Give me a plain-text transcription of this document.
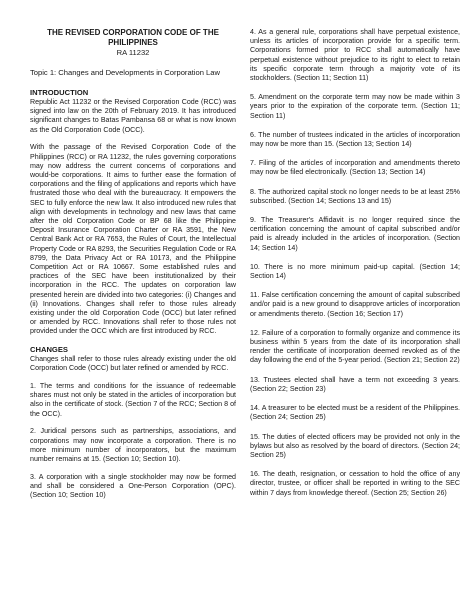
THE REVISED CORPORATION CODE OF THE PHILIPPINES

RA 11232

Topic 1: Changes and Developments in Corporation Law
INTRODUCTION

Republic Act 11232 or the Revised Corporation Code (RCC) was signed into law on the 20th of February 2019. It has introduced significant changes to Batas Pambansa 68 or what is now known as the Old Corporation Code (OCC).

With the passage of the Revised Corporation Code of the Philippines (RCC) or RA 11232, the rules governing corporations may now address the current concerns of corporations and would-be corporations. It aims to further ease the formation of corporations and the filing of applications and reports which have frustrated those who deal with the bureaucracy. It empowers the SEC to fully enforce the new law. It also introduced new rules that align with developments in technology and new laws that came after the old Corporation Code or BP 68 like the Philippine Deposit Insurance Corporation Charter or RA 3591, the New Central Bank Act or RA 7653, the Rules of Court, the Intellectual Property Code or RA 8293, the Securities Regulation Code or RA 8799, the Data Privacy Act or RA 10173, and the Philippine Competition Act or RA 10667. Some established rules and practices of the SEC have been institutionalized by their incorporation in the RCC. The updates on corporation law presented herein are divided into two categories: (i) Changes and (ii) Innovations. Changes shall refer to those rules already existing under the old Corporation Code (OCC) but later refined or amended by RCC. Innovations shall refer to those rules not provided under the OCC which are first introduced by RCC.

CHANGES

Changes shall refer to those rules already existing under the old Corporation Code (OCC) but later refined or amended by RCC.

1. The terms and conditions for the issuance of redeemable shares must not only be stated in the articles of incorporation but also in the certificate of stock. (Section 7 of the RCC; Section 8 of the OCC).

2. Juridical persons such as partnerships, associations, and corporations may now incorporate a corporation. There is no more minimum number of incorporators, but the maximum number remains at 15. (Section 10; Section 10).

3. A corporation with a single stockholder may now be formed and shall be considered a One-Person Corporation (OPC). (Section 10; Section 10)

4. As a general rule, corporations shall have perpetual existence, unless its articles of incorporation provide for a specific term. Corporations formed prior to RCC shall automatically have perpetual existence without prejudice to its right to elect to retain its specific corporate term through a majority vote of its stockholders. (Section 11; Section 11)

5. Amendment on the corporate term may now be made within 3 years prior to the expiration of the corporate term. (Section 11; Section 11)

6. The number of trustees indicated in the articles of incorporation may now be more than 15. (Section 13; Section 14)

7. Filing of the articles of incorporation and amendments thereto may now be filed electronically. (Section 13; Section 14)

8. The authorized capital stock no longer needs to be at least 25% subscribed. (Section 14; Sections 13 and 15)

9. The Treasurer's Affidavit is no longer required since the certification concerning the amount of capital subscribed and/or paid is already included in the articles of incorporation. (Section 14; Section 14)

10. There is no more minimum paid-up capital. (Section 14; Section 14)

11. False certification concerning the amount of capital subscribed and/or paid is a new ground to disapprove articles of incorporation or amendments thereto. (Section 16; Section 17)

12. Failure of a corporation to formally organize and commence its business within 5 years from the date of its incorporation shall render the certificate of incorporation deemed revoked as of the day following the end of the 5-year period. (Section 21; Section 22)

13. Trustees elected shall have a term not exceeding 3 years. (Section 22; Section 23)

14. A treasurer to be elected must be a resident of the Philippines. (Section 24; Section 25)

15. The duties of elected officers may be provided not only in the bylaws but also as resolved by the board of directors. (Section 24; Section 25)

16. The death, resignation, or cessation to hold the office of any director, trustee, or officer shall be reported in writing to the SEC within 7 days from knowledge thereof. (Section 25; Section 26)
